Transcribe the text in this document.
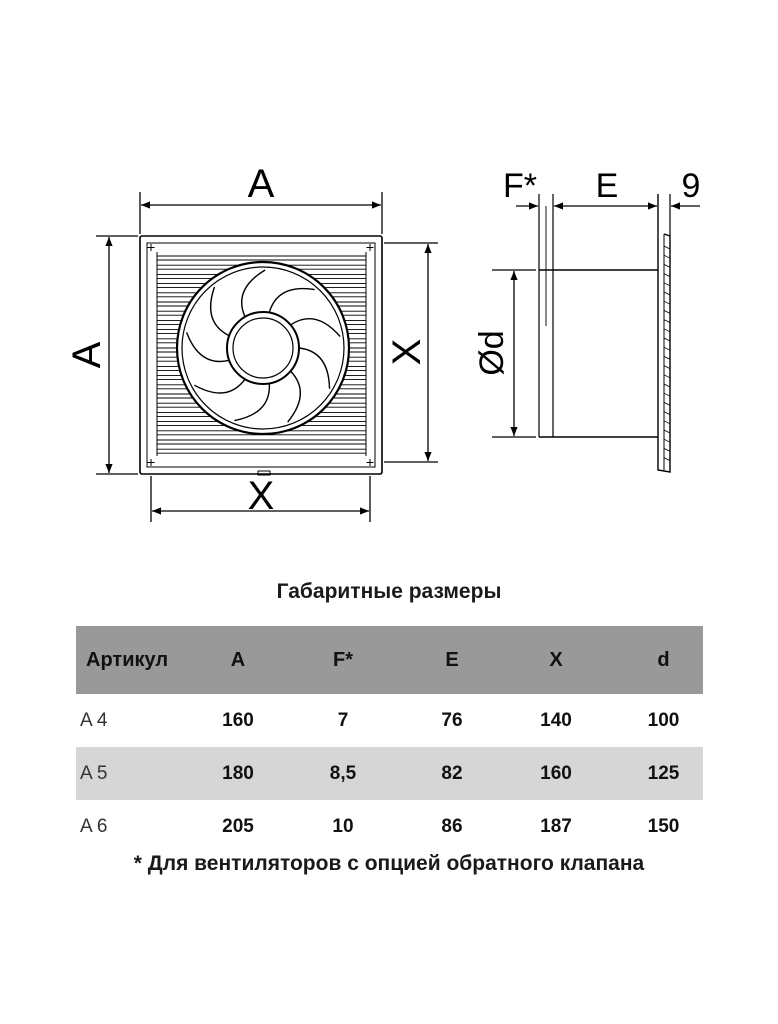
A
A	X
X
F* E 9
Ød
Габаритные размеры
Артикул	A	F*	E	X	d
A 4	160	7	76	140	100
A 5	180	8,5	82	160	125
A 6	205	10	86	187	150
* Для вентиляторов с опцией обратного клапана
